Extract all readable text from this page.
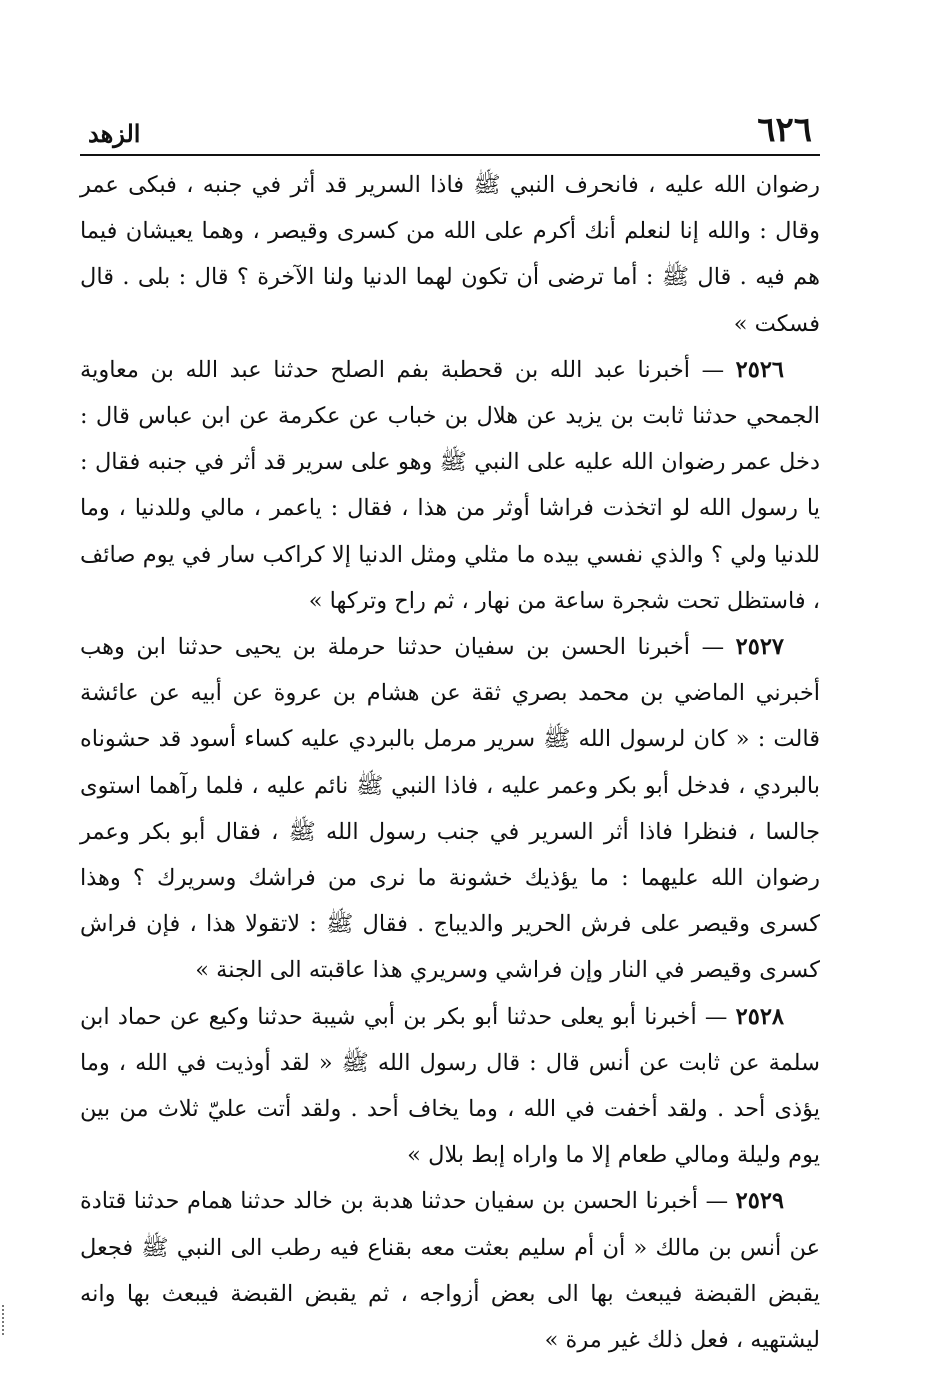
٦٢٦
الزهد

رضوان الله عليه ، فانحرف النبي ﷺ فاذا السرير قد أثر في جنبه ، فبكى عمر وقال : والله إنا لنعلم أنك أكرم على الله من كسرى وقيصر ، وهما يعيشان فيما هم فيه . قال ﷺ : أما ترضى أن تكون لهما الدنيا ولنا الآخرة ؟ قال : بلى . قال فسكت »

٢٥٢٦ — أخبرنا عبد الله بن قحطبة بفم الصلح حدثنا عبد الله بن معاوية الجمحي حدثنا ثابت بن يزيد عن هلال بن خباب عن عكرمة عن ابن عباس قال : دخل عمر رضوان الله عليه على النبي ﷺ وهو على سرير قد أثر في جنبه فقال : يا رسول الله لو اتخذت فراشا أوثر من هذا ، فقال : ياعمر ، مالي وللدنيا ، وما للدنيا ولي ؟ والذي نفسي بيده ما مثلي ومثل الدنيا إلا كراكب سار في يوم صائف ، فاستظل تحت شجرة ساعة من نهار ، ثم راح وتركها »

٢٥٢٧ — أخبرنا الحسن بن سفيان حدثنا حرملة بن يحيى حدثنا ابن وهب أخبرني الماضي بن محمد بصري ثقة عن هشام بن عروة عن أبيه عن عائشة قالت : « كان لرسول الله ﷺ سرير مرمل بالبردي عليه كساء أسود قد حشوناه بالبردي ، فدخل أبو بكر وعمر عليه ، فاذا النبي ﷺ نائم عليه ، فلما رآهما استوى جالسا ، فنظرا فاذا أثر السرير في جنب رسول الله ﷺ ، فقال أبو بكر وعمر رضوان الله عليهما : ما يؤذيك خشونة ما نرى من فراشك وسريرك ؟ وهذا كسرى وقيصر على فرش الحرير والديباج . فقال ﷺ : لاتقولا هذا ، فإن فراش كسرى وقيصر في النار وإن فراشي وسريري هذا عاقبته الى الجنة »

٢٥٢٨ — أخبرنا أبو يعلى حدثنا أبو بكر بن أبي شيبة حدثنا وكيع عن حماد ابن سلمة عن ثابت عن أنس قال : قال رسول الله ﷺ « لقد أوذيت في الله ، وما يؤذى أحد . ولقد أخفت في الله ، وما يخاف أحد . ولقد أتت عليّ ثلاث من بين يوم وليلة ومالي طعام إلا ما واراه إبط بلال »

٢٥٢٩ — أخبرنا الحسن بن سفيان حدثنا هدبة بن خالد حدثنا همام حدثنا قتادة عن أنس بن مالك « أن أم سليم بعثت معه بقناع فيه رطب الى النبي ﷺ فجعل يقبض القبضة فيبعث بها الى بعض أزواجه ، ثم يقبض القبضة فيبعث بها وانه ليشتهيه ، فعل ذلك غير مرة »
